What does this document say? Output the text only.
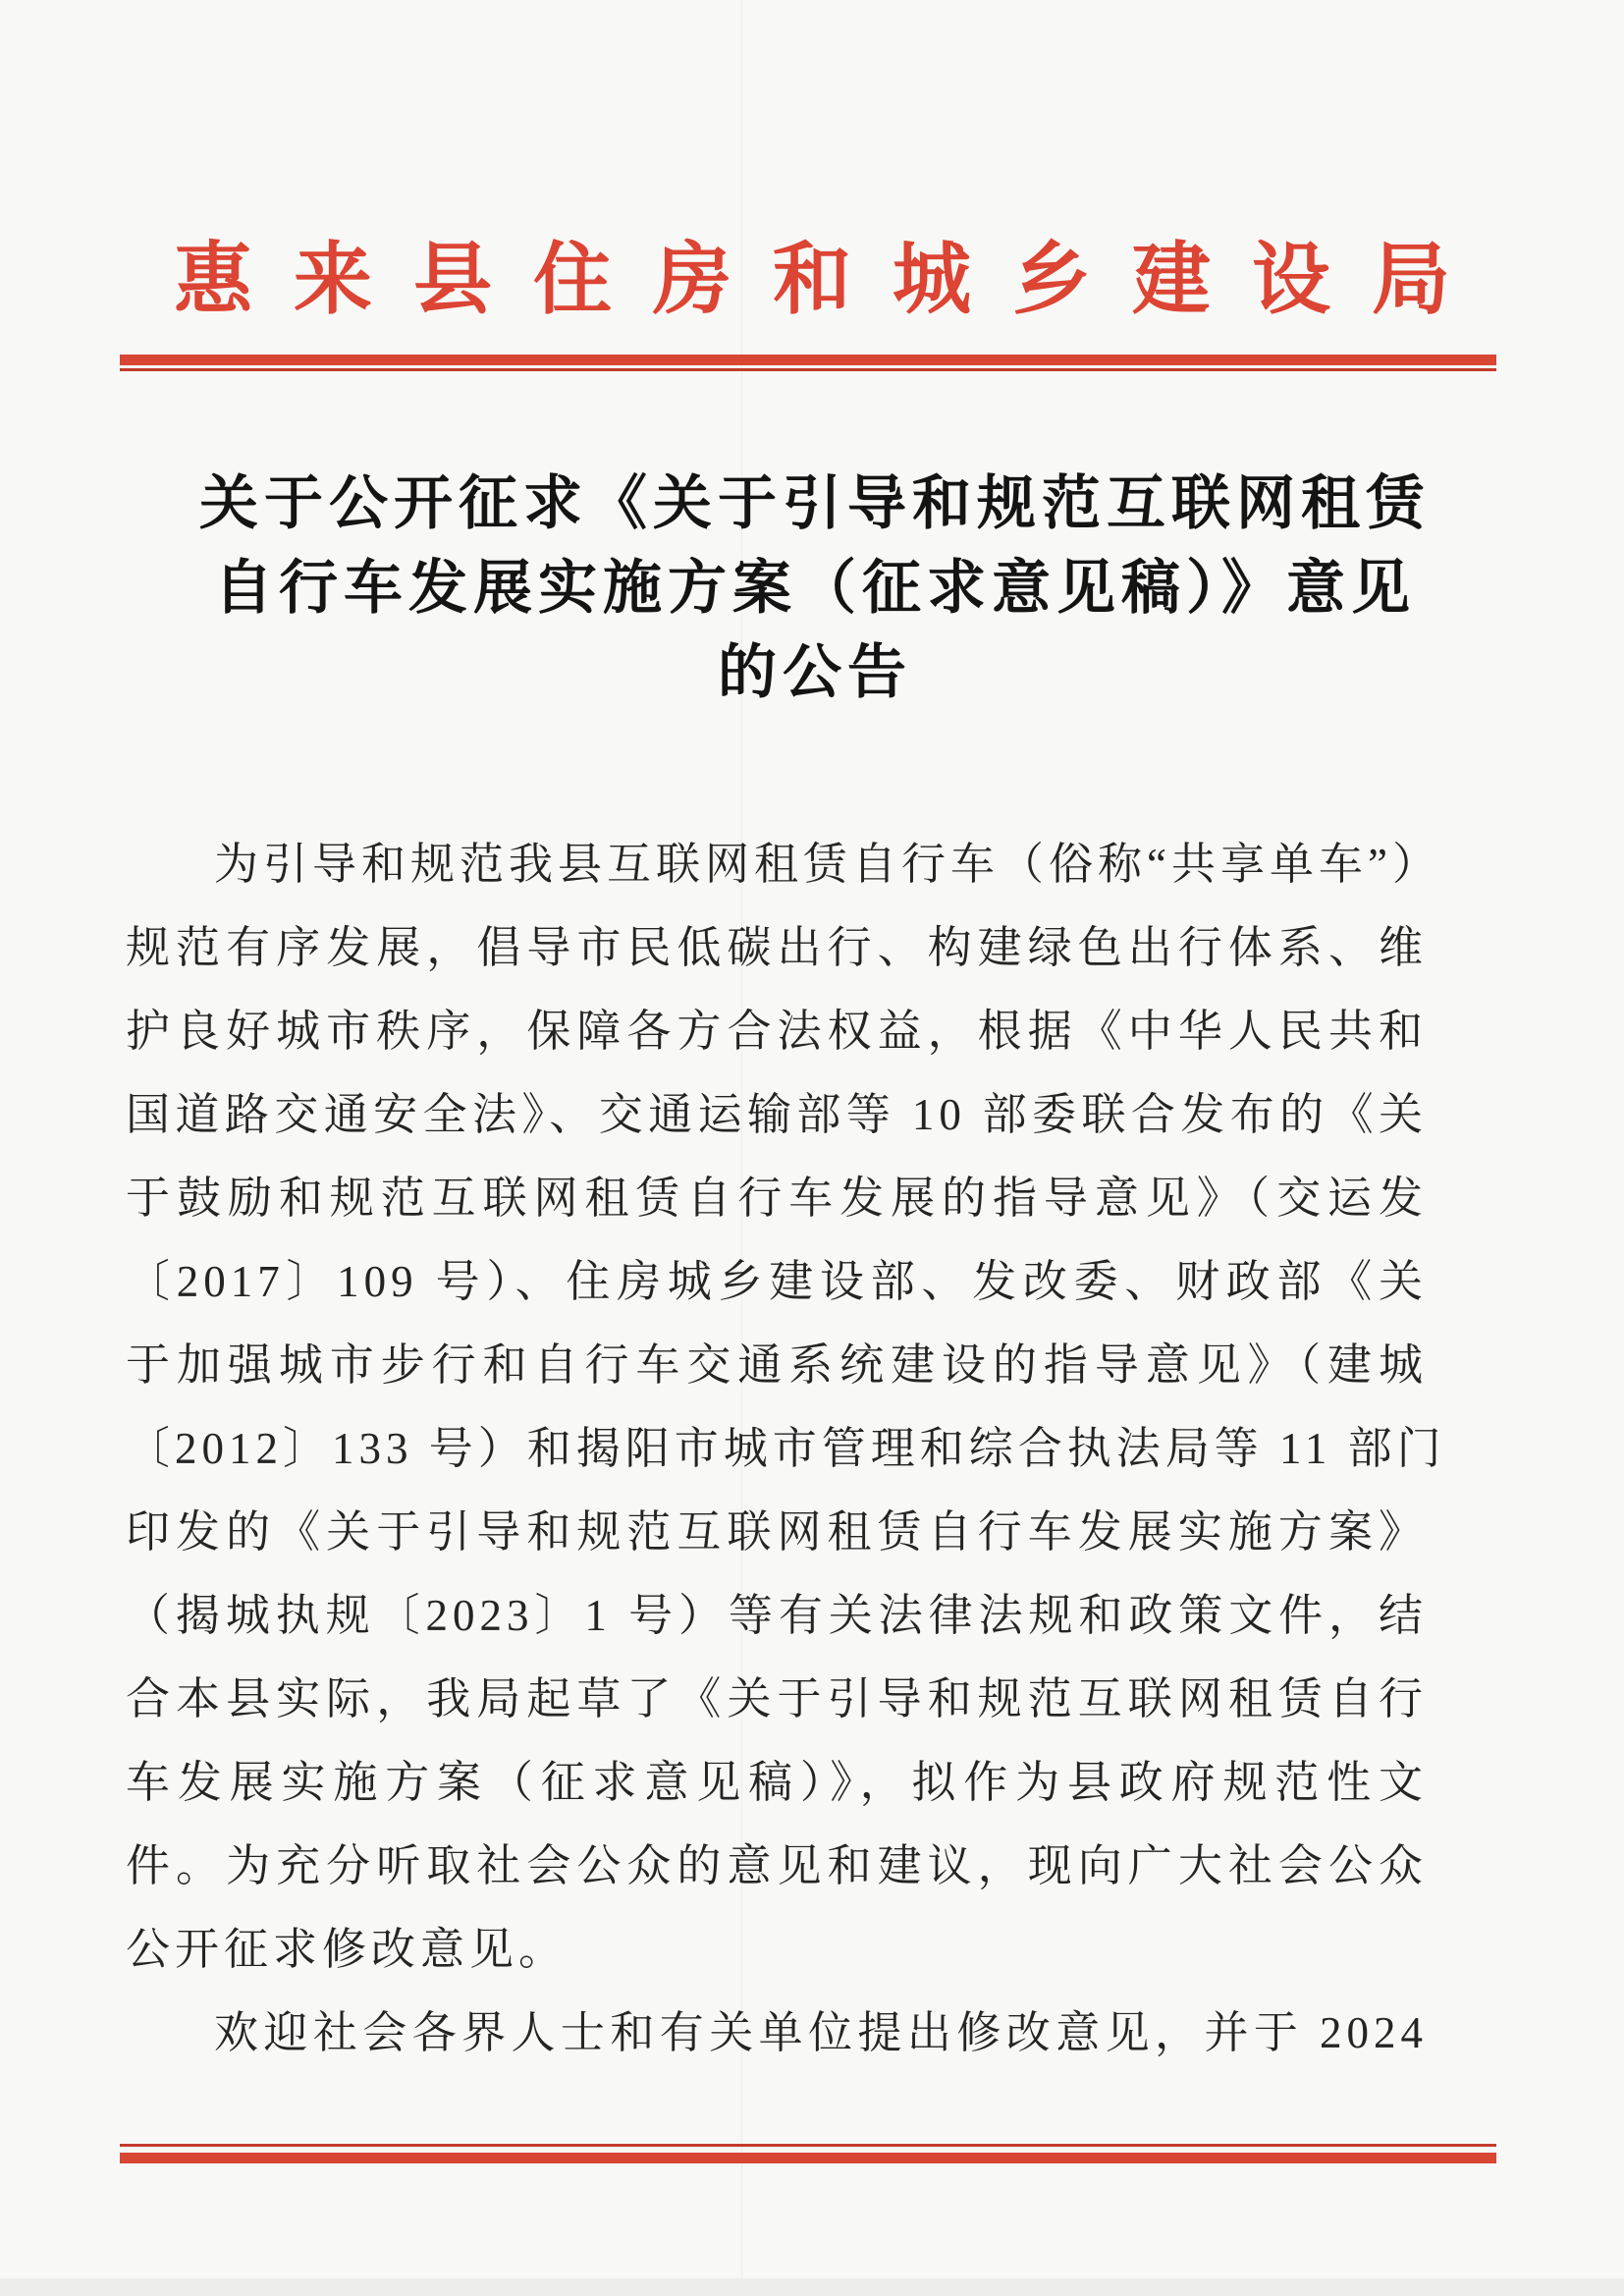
惠来县住房和城乡建设局
关于公开征求《关于引导和规范互联网租赁
自行车发展实施方案（征求意见稿）》意见
的公告
为引导和规范我县互联网租赁自行车（俗称“共享单车”）
规范有序发展，倡导市民低碳出行、构建绿色出行体系、维
护良好城市秩序，保障各方合法权益，根据《中华人民共和
国道路交通安全法》、交通运输部等 10 部委联合发布的《关
于鼓励和规范互联网租赁自行车发展的指导意见》（交运发
〔2017〕109 号）、住房城乡建设部、发改委、财政部《关
于加强城市步行和自行车交通系统建设的指导意见》（建城
〔2012〕133 号）和揭阳市城市管理和综合执法局等 11 部门
印发的《关于引导和规范互联网租赁自行车发展实施方案》
（揭城执规〔2023〕1 号）等有关法律法规和政策文件，结
合本县实际，我局起草了《关于引导和规范互联网租赁自行
车发展实施方案（征求意见稿）》，拟作为县政府规范性文
件。为充分听取社会公众的意见和建议，现向广大社会公众
公开征求修改意见。
欢迎社会各界人士和有关单位提出修改意见，并于 2024
